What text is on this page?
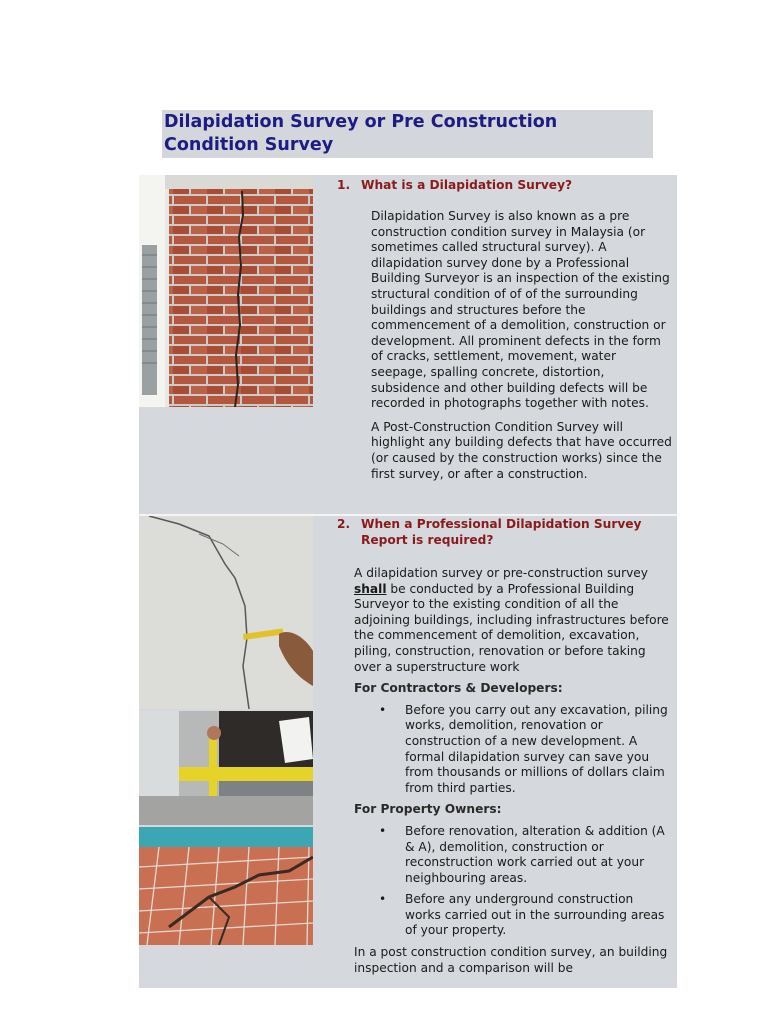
Dilapidation Survey or Pre Construction Condition Survey
1. What is a Dilapidation Survey?

Dilapidation Survey is also known as a pre construction condition survey in Malaysia (or sometimes called structural survey). A dilapidation survey done by a Professional Building Surveyor is an inspection of the existing structural condition of of of the surrounding buildings and structures before the commencement of a demolition, construction or development. All prominent defects in the form of cracks, settlement, movement, water seepage, spalling concrete, distortion, subsidence and other building defects will be recorded in photographs together with notes.

A Post-Construction Condition Survey will highlight any building defects that have occurred (or caused by the construction works) since the first survey, or after a construction.

2. When a Professional Dilapidation Survey
Report is required?

A dilapidation survey or pre-construction survey shall be conducted by a Professional Building Surveyor to the existing condition of all the adjoining buildings, including infrastructures before the commencement of demolition, excavation, piling, construction, renovation or before taking over a superstructure work

For Contractors & Developers:

• Before you carry out any excavation, piling works, demolition, renovation or construction of a new development. A formal dilapidation survey can save you from thousands or millions of dollars claim from third parties.

For Property Owners:

• Before renovation, alteration & addition (A & A), demolition, construction or reconstruction work carried out at your neighbouring areas.
• Before any underground construction works carried out in the surrounding areas of your property.

In a post construction condition survey, an building inspection and a comparison will be
